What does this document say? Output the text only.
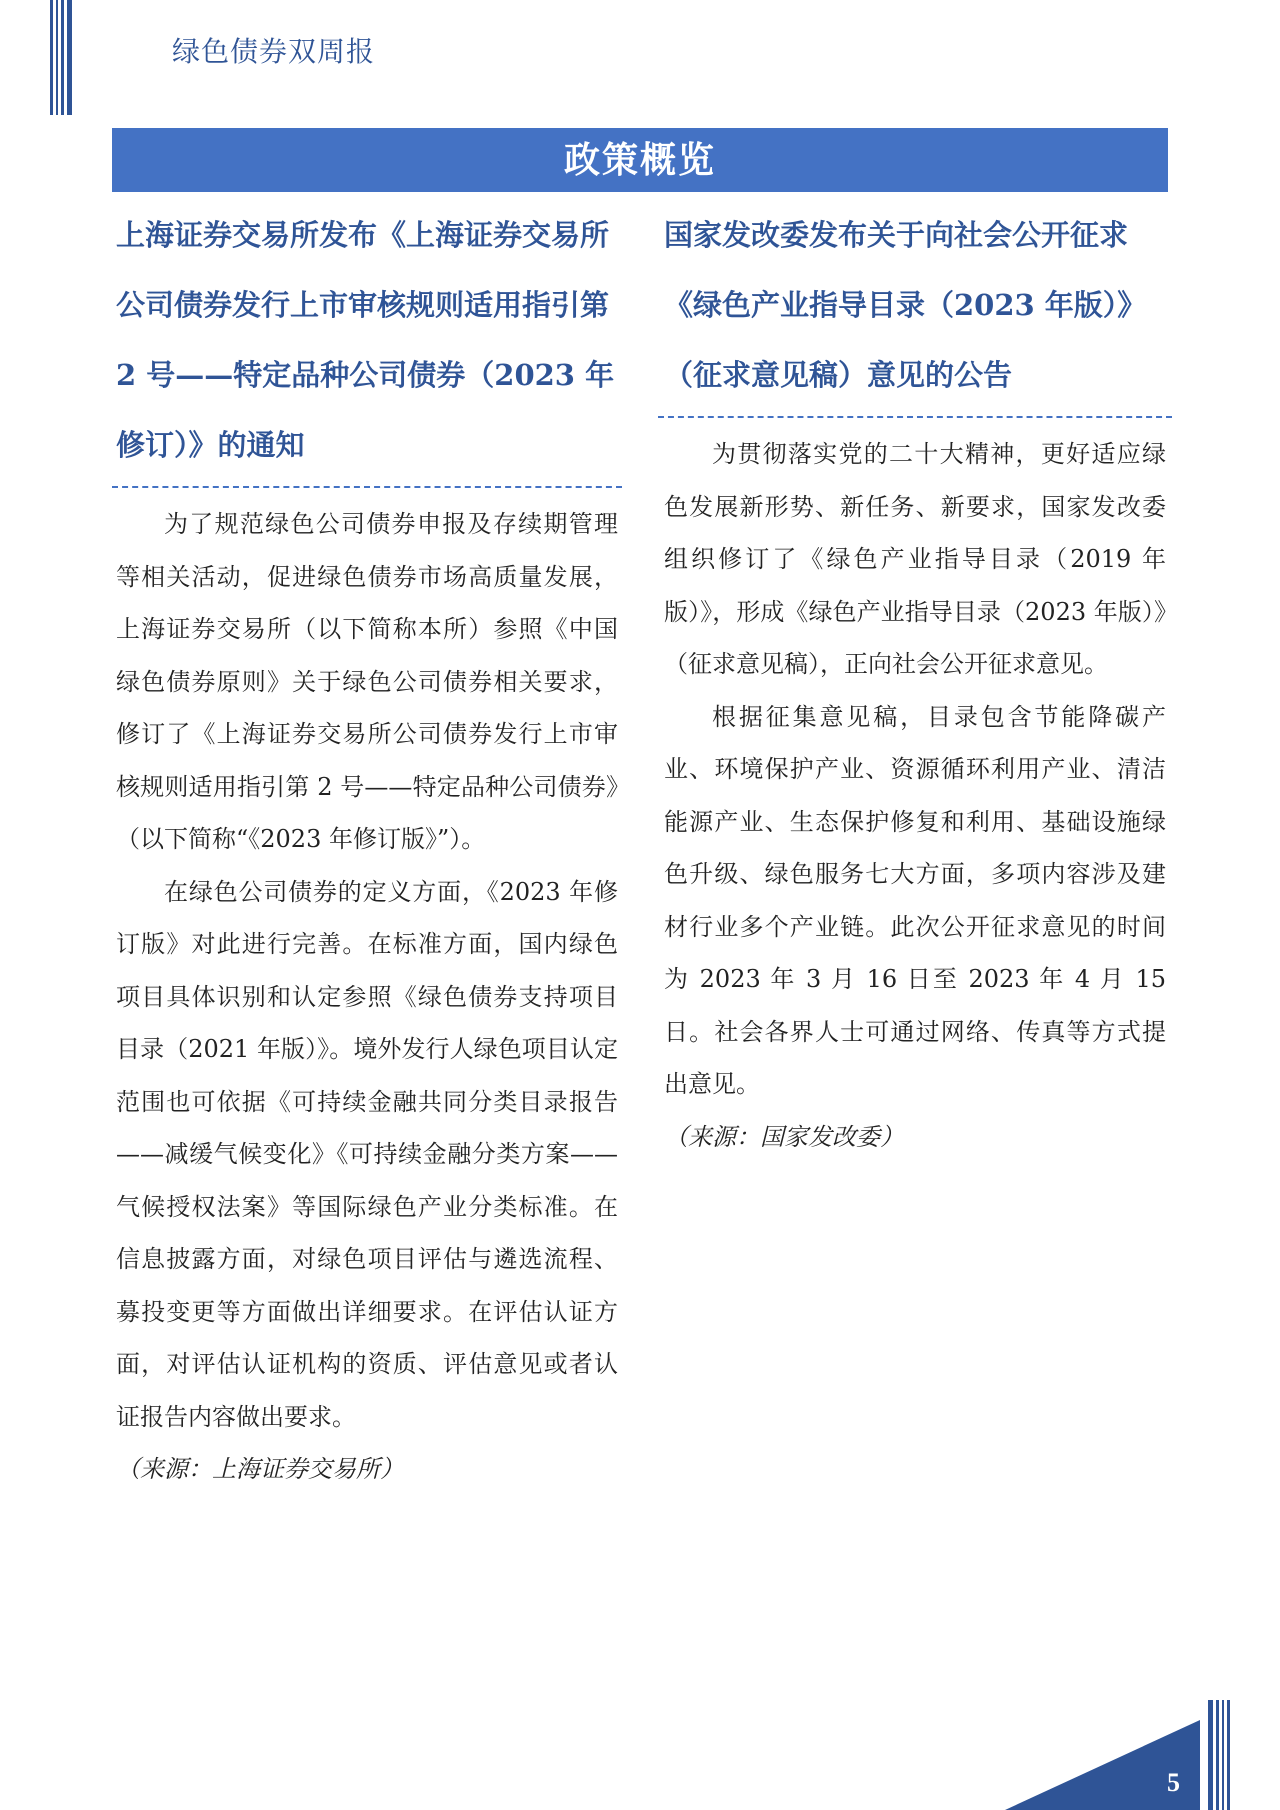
绿色债券双周报
政策概览
上海证券交易所发布《上海证券交易所公司债券发行上市审核规则适用指引第 2 号——特定品种公司债券（2023 年修订）》的通知

为了规范绿色公司债券申报及存续期管理等相关活动，促进绿色债券市场高质量发展，上海证券交易所（以下简称本所）参照《中国绿色债券原则》关于绿色公司债券相关要求，修订了《上海证券交易所公司债券发行上市审核规则适用指引第 2 号——特定品种公司债券》（以下简称“《2023 年修订版》”）。

在绿色公司债券的定义方面，《2023 年修订版》对此进行完善。在标准方面，国内绿色项目具体识别和认定参照《绿色债券支持项目目录（2021 年版）》。境外发行人绿色项目认定范围也可依据《可持续金融共同分类目录报告——减缓气候变化》《可持续金融分类方案——气候授权法案》等国际绿色产业分类标准。在信息披露方面，对绿色项目评估与遴选流程、募投变更等方面做出详细要求。在评估认证方面，对评估认证机构的资质、评估意见或者认证报告内容做出要求。

（来源：上海证券交易所）

国家发改委发布关于向社会公开征求《绿色产业指导目录（2023 年版）》（征求意见稿）意见的公告

为贯彻落实党的二十大精神，更好适应绿色发展新形势、新任务、新要求，国家发改委组织修订了《绿色产业指导目录（2019 年版）》，形成《绿色产业指导目录（2023 年版）》（征求意见稿），正向社会公开征求意见。

根据征集意见稿，目录包含节能降碳产业、环境保护产业、资源循环利用产业、清洁能源产业、生态保护修复和利用、基础设施绿色升级、绿色服务七大方面，多项内容涉及建材行业多个产业链。此次公开征求意见的时间为 2023 年 3 月 16 日至 2023 年 4 月 15 日。社会各界人士可通过网络、传真等方式提出意见。

（来源：国家发改委）

5
